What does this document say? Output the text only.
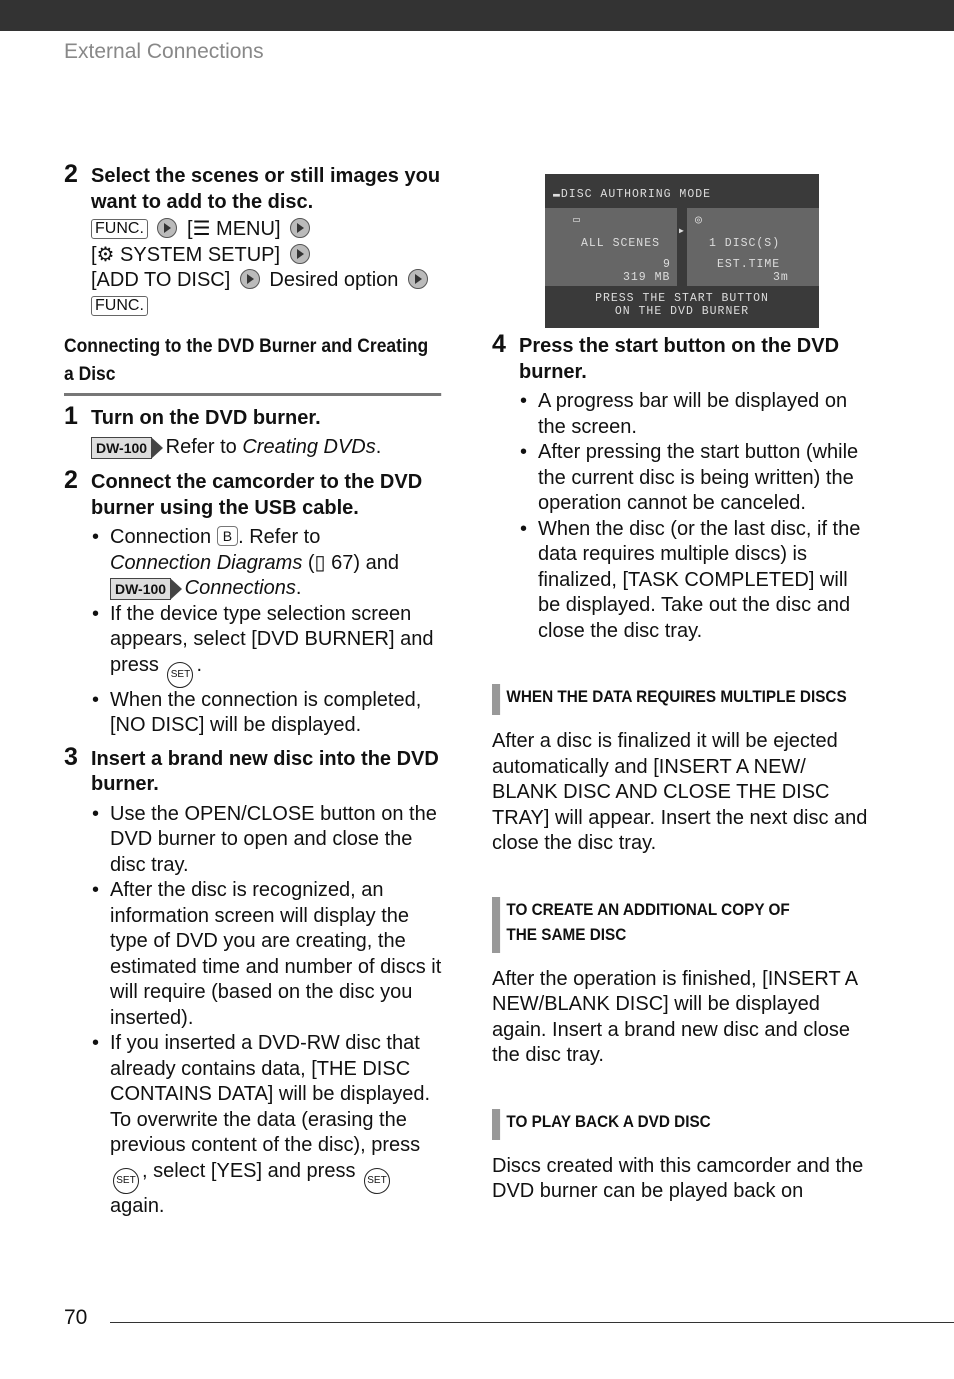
External Connections
2 Select the scenes or still images you want to add to the disc.
FUNC. [☰ MENU]
[⚙ SYSTEM SETUP]
[ADD TO DISC] Desired option
FUNC.
Connecting to the DVD Burner and Creating a Disc
1 Turn on the DVD burner.
DW-100 Refer to Creating DVDs.
2 Connect the camcorder to the DVD burner using the USB cable.
• Connection B . Refer to
Connection Diagrams (▯ 67) and
DW-100 Connections.
• If the device type selection screen appears, select [DVD BURNER] and press SET .
• When the connection is completed, [NO DISC] will be displayed.
3 Insert a brand new disc into the DVD burner.
• Use the OPEN/CLOSE button on the DVD burner to open and close the disc tray.
• After the disc is recognized, an information screen will display the type of DVD you are creating, the estimated time and number of discs it will require (based on the disc you inserted).
• If you inserted a DVD-RW disc that already contains data, [THE DISC CONTAINS DATA] will be displayed. To overwrite the data (erasing the previous content of the disc), press SET , select [YES] and press SET again.
▬DISC AUTHORING MODE
▭	◎
▶
ALL SCENES	1 DISC(S)
9
319 MB
EST.TIME
3m
PRESS THE START BUTTON
ON THE DVD BURNER
4 Press the start button on the DVD burner.
• A progress bar will be displayed on the screen.
• After pressing the start button (while the current disc is being written) the operation cannot be canceled.
• When the disc (or the last disc, if the data requires multiple discs) is finalized, [TASK COMPLETED] will be displayed. Take out the disc and close the disc tray.
WHEN THE DATA REQUIRES MULTIPLE DISCS

After a disc is finalized it will be ejected automatically and [INSERT A NEW/ BLANK DISC AND CLOSE THE DISC TRAY] will appear. Insert the next disc and close the disc tray.

TO CREATE AN ADDITIONAL COPY OF THE SAME DISC

After the operation is finished, [INSERT A NEW/BLANK DISC] will be displayed again. Insert a brand new disc and close the disc tray.

TO PLAY BACK A DVD DISC

Discs created with this camcorder and the DVD burner can be played back on

70
